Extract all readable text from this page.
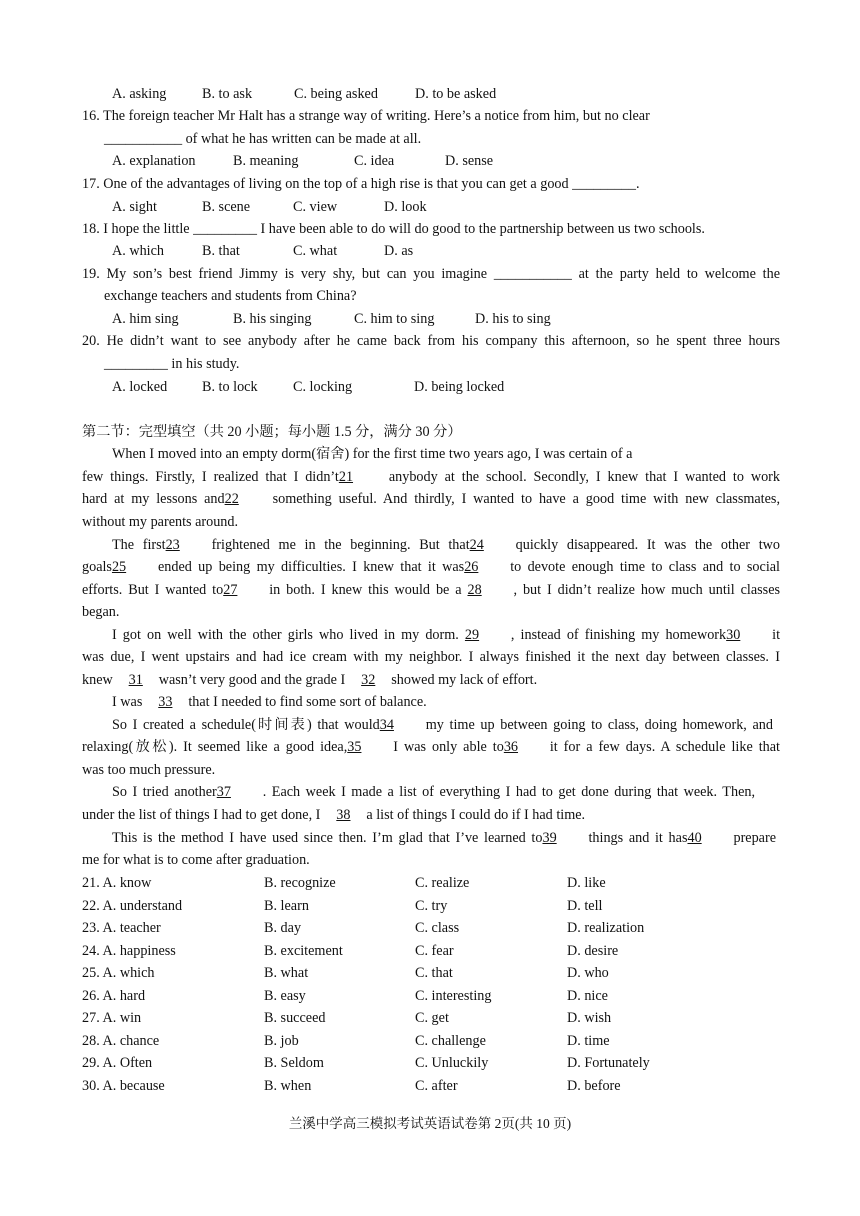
A. asking	B. to ask	C. being asked	D. to be asked
16. The foreign teacher Mr Halt has a strange way of writing. Here’s a notice from him, but no clear
___________ of what he has written can be made at all.
A. explanation	B. meaning	C. idea	D. sense
17. One of the advantages of living on the top of a high rise is that you can get a good _________.
A. sight	B. scene	C. view	D. look
18. I hope the little _________ I have been able to do will do good to the partnership between us two schools.
A. which	B. that	C. what	D. as
19. My son’s best friend Jimmy is very shy, but can you imagine ___________ at the party held to welcome the
exchange teachers and students from China?
A. him sing	B. his singing	C. him to sing	D. his to sing
20. He didn’t want to see anybody after he came back from his company this afternoon, so he spent three hours
_________ in his study.
A. locked B. to lock C. locking	D. being locked
第二节：完型填空（共 20 小题；每小题 1.5 分，满分 30 分）
When I moved into an empty dorm(宿舍) for the first time two years ago, I was certain of a
few things. Firstly, I realized that I didn’t21	anybody at the school. Secondly, I knew that I wanted to work
hard at my lessons and22 something useful. And thirdly, I wanted to have a good time with new classmates,
without my parents around.
The first23 frightened me in the beginning. But that24 quickly disappeared. It was the other two
goals25 ended up being my difficulties. I knew that it was26 to devote enough time to class and to social
efforts. But I wanted to27 in both. I knew this would be a 28 , but I didn’t realize how much until classes
began.
I got on well with the other girls who lived in my dorm. 29 , instead of finishing my homework30 it
was due, I went upstairs and had ice cream with my neighbor. I always finished it the next day between classes. I
knew 31 wasn’t very good and the grade I 32 showed my lack of effort.
I was 33 that I needed to find some sort of balance.
So I created a schedule(时间表) that would34 my time up between going to class, doing homework, and
relaxing(放松). It seemed like a good idea,35 I was only able to36 it for a few days. A schedule like that
was too much pressure.
So I tried another37 . Each week I made a list of everything I had to get done during that week. Then,
under the list of things I had to get done, I 38 a list of things I could do if I had time.
This is the method I have used since then. I’m glad that I’ve learned to39 things and it has40 prepare
me for what is to come after graduation.
21. A. know	B. recognize	C. realize	D. like
22. A. understand	B. learn	C. try	D. tell
23. A. teacher	B. day	C. class	D. realization
24. A. happiness	B. excitement	C. fear	D. desire
25. A. which	B. what	C. that	D. who
26. A. hard	B. easy	C. interesting	D. nice
27. A. win	B. succeed	C. get	D. wish
28. A. chance	B. job	C. challenge	D. time
29. A. Often	B. Seldom	C. Unluckily	D. Fortunately
30. A. because	B. when	C. after	D. before
兰溪中学高三模拟考试英语试卷第 2页(共 10 页)
